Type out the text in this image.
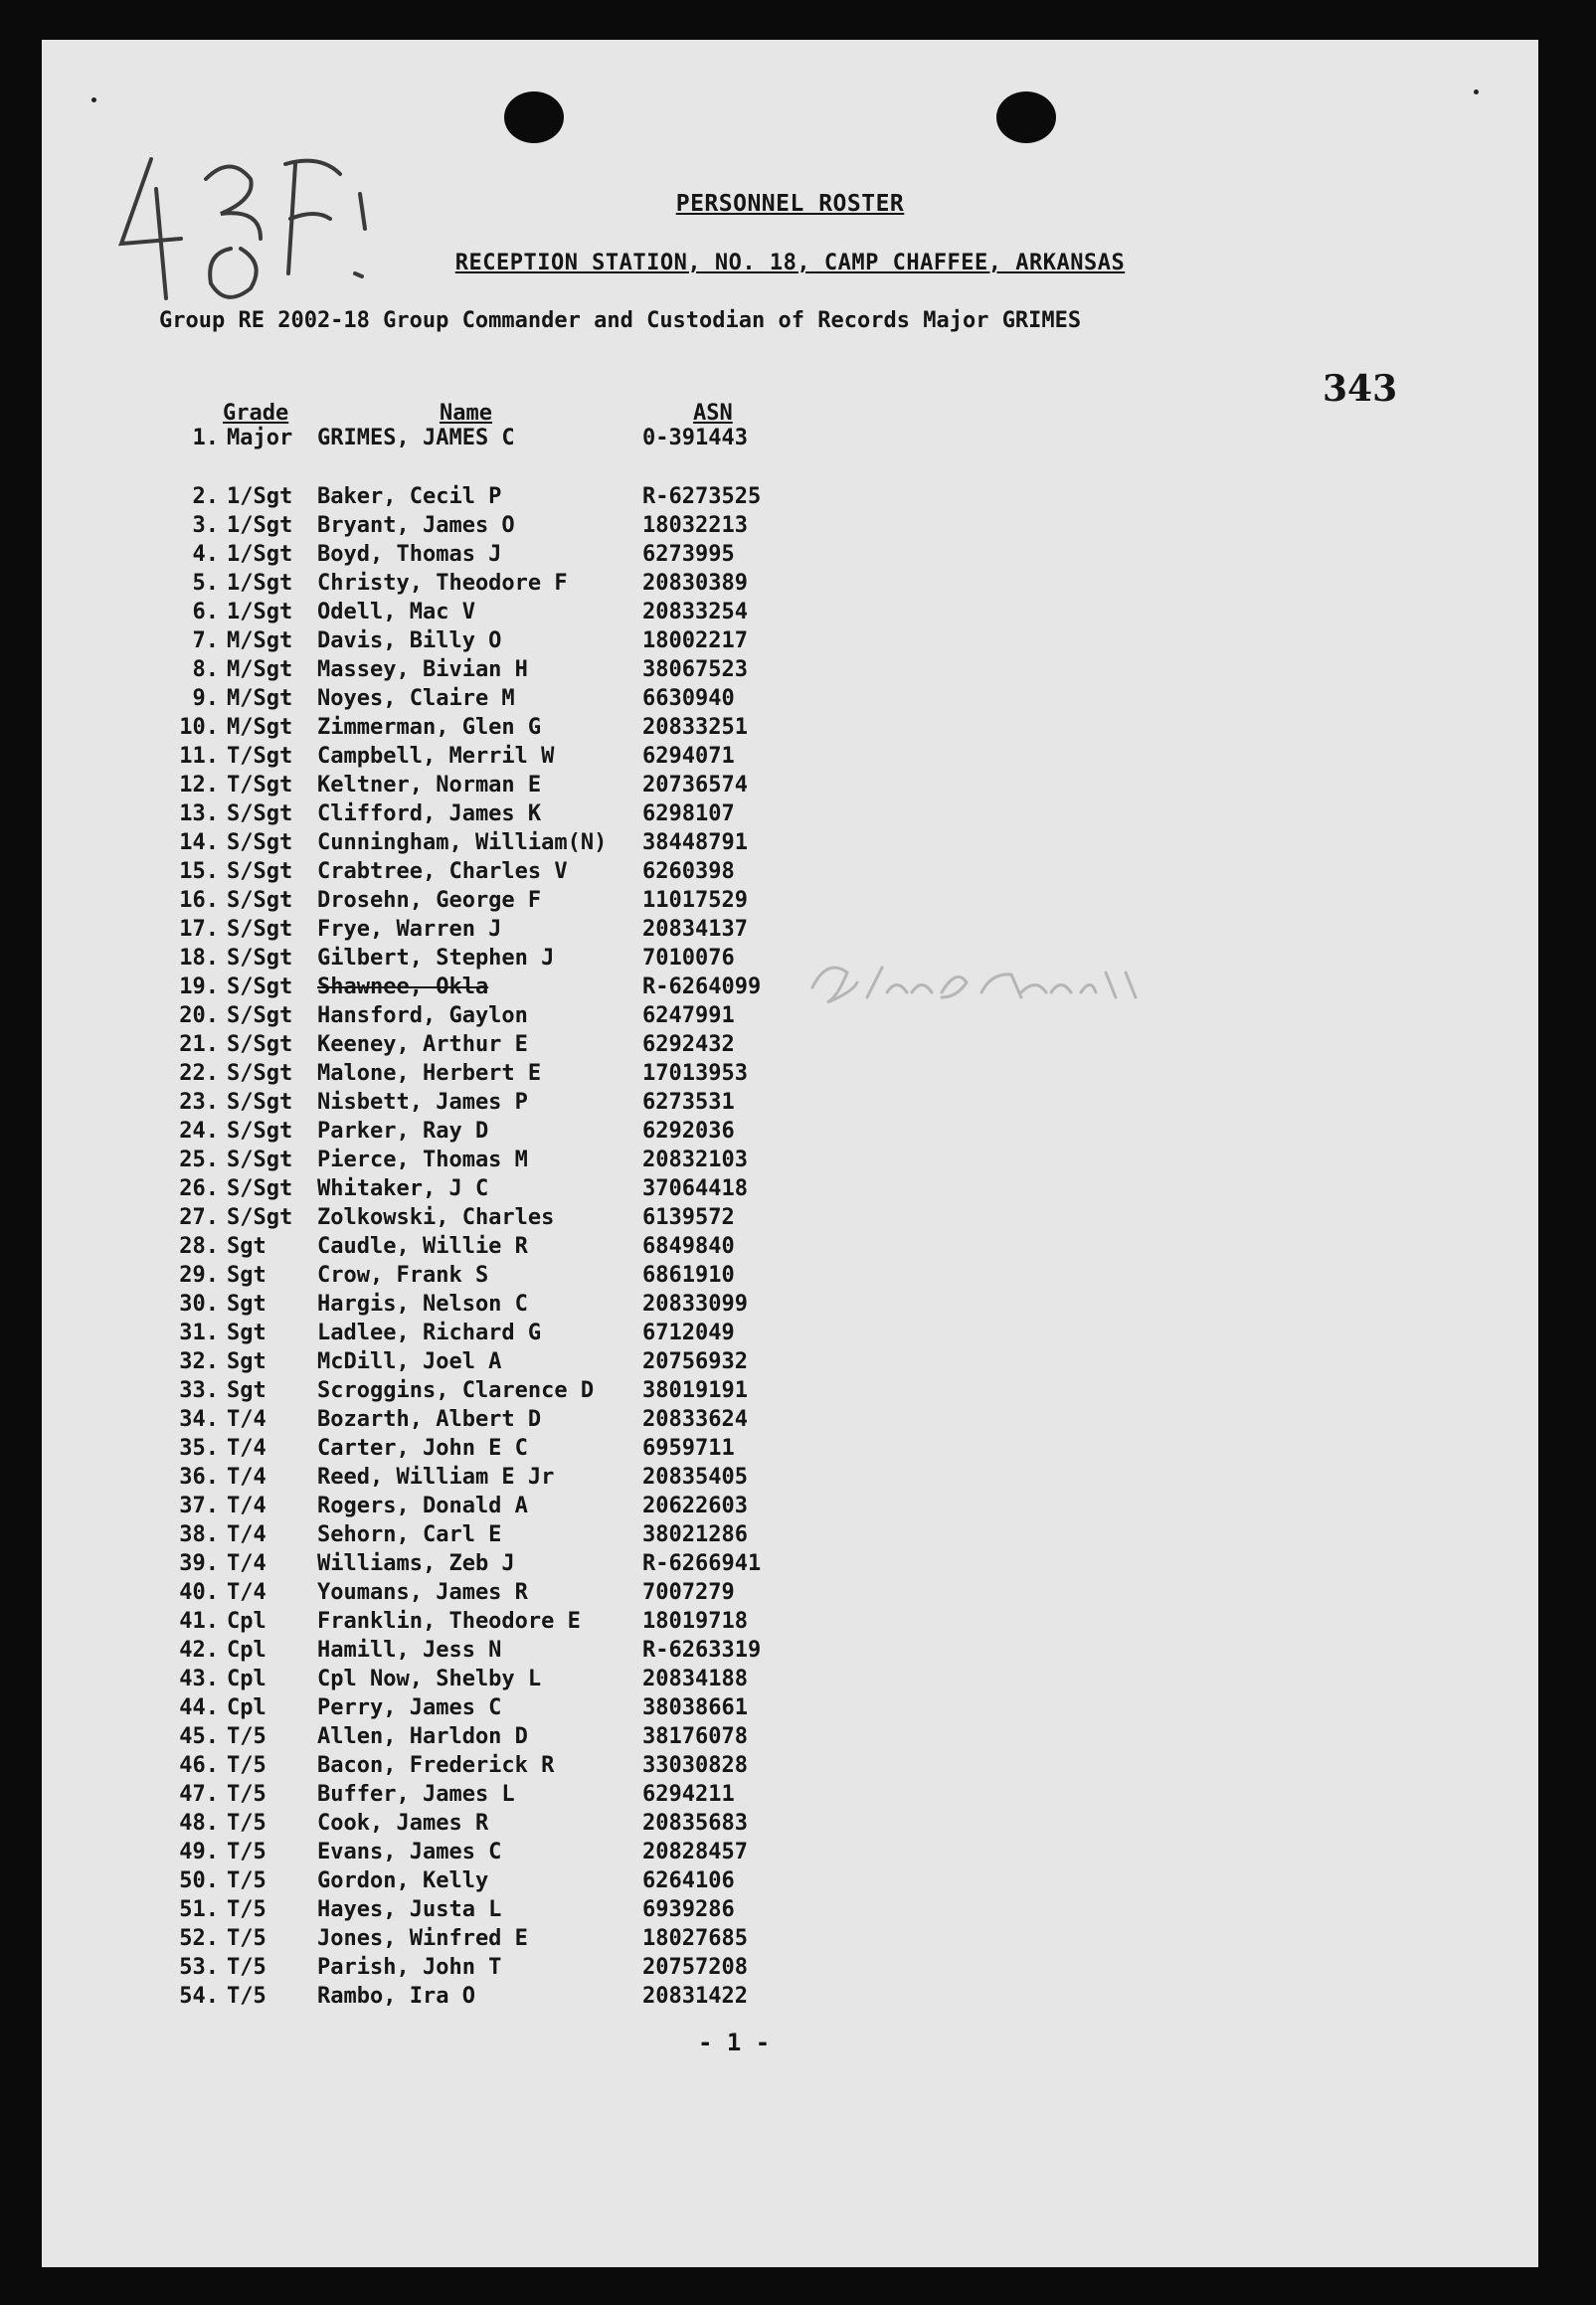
PERSONNEL ROSTER
RECEPTION STATION, NO. 18, CAMP CHAFFEE, ARKANSAS
Group RE 2002-18 Group Commander and Custodian of Records Major GRIMES
343
Grade	Name	ASN
1. Major GRIMES, JAMES C	0-391443
2. 1/Sgt Baker, Cecil P	R-6273525
3. 1/Sgt Bryant, James O	18032213
4. 1/Sgt Boyd, Thomas J	6273995
5. 1/Sgt Christy, Theodore F	20830389
6. 1/Sgt Odell, Mac V	20833254
7. M/Sgt Davis, Billy O	18002217
8. M/Sgt Massey, Bivian H	38067523
9. M/Sgt Noyes, Claire M	6630940
10. M/Sgt Zimmerman, Glen G	20833251
11. T/Sgt Campbell, Merril W	6294071
12. T/Sgt Keltner, Norman E	20736574
13. S/Sgt Clifford, James K	6298107
14. S/Sgt Cunningham, William(N) 38448791
15. S/Sgt Crabtree, Charles V	6260398
16. S/Sgt Drosehn, George F	11017529
17. S/Sgt Frye, Warren J	20834137
18. S/Sgt Gilbert, Stephen J	7010076
19. S/Sgt Shawnee, Okla	R-6264099
20. S/Sgt Hansford, Gaylon	6247991
21. S/Sgt Keeney, Arthur E	6292432
22. S/Sgt Malone, Herbert E	17013953
23. S/Sgt Nisbett, James P	6273531
24. S/Sgt Parker, Ray D	6292036
25. S/Sgt Pierce, Thomas M	20832103
26. S/Sgt Whitaker, J C	37064418
27. S/Sgt Zolkowski, Charles	6139572
28. Sgt Caudle, Willie R	6849840
29. Sgt Crow, Frank S	6861910
30. Sgt Hargis, Nelson C	20833099
31. Sgt Ladlee, Richard G	6712049
32. Sgt McDill, Joel A	20756932
33. Sgt Scroggins, Clarence D 38019191
34. T/4 Bozarth, Albert D	20833624
35. T/4 Carter, John E C	6959711
36. T/4 Reed, William E Jr	20835405
37. T/4 Rogers, Donald A	20622603
38. T/4 Sehorn, Carl E	38021286
39. T/4 Williams, Zeb J	R-6266941
40. T/4 Youmans, James R	7007279
41. Cpl Franklin, Theodore E	18019718
42. Cpl Hamill, Jess N	R-6263319
43. Cpl Cpl Now, Shelby L	20834188
44. Cpl Perry, James C	38038661
45. T/5 Allen, Harldon D	38176078
46. T/5 Bacon, Frederick R	33030828
47. T/5 Buffer, James L	6294211
48. T/5 Cook, James R	20835683
49. T/5 Evans, James C	20828457
50. T/5 Gordon, Kelly	6264106
51. T/5 Hayes, Justa L	6939286
52. T/5 Jones, Winfred E	18027685
53. T/5 Parish, John T	20757208
54. T/5 Rambo, Ira O	20831422
- 1 -
